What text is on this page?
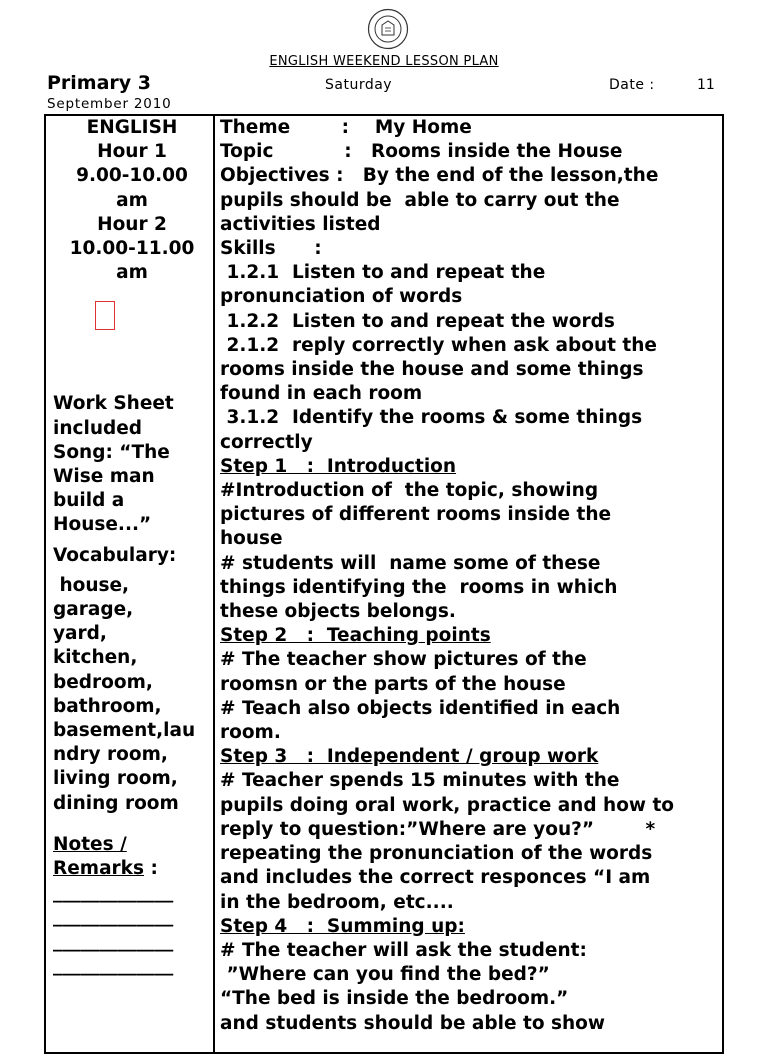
ENGLISH WEEKEND LESSON PLAN
Primary 3	Saturday	Date :	11
September 2010
ENGLISH
Hour 1
9.00-10.00
am
Hour 2
10.00-11.00
am
Work Sheet
included
Song: “The
Wise man
build a
House...”
Vocabulary:
house,
garage,
yard,
kitchen,
bedroom,
bathroom,
basement,lau
ndry room,
living room,
dining room
Notes /
Remarks :
_____________
_____________
_____________
_____________
Theme        :    My Home
Topic           :   Rooms inside the House
Objectives :   By the end of the lesson,the
pupils should be  able to carry out the
activities listed
Skills      :
1.2.1  Listen to and repeat the
pronunciation of words
1.2.2  Listen to and repeat the words
2.1.2  reply correctly when ask about the
rooms inside the house and some things
found in each room
3.1.2  Identify the rooms & some things
correctly
Step 1   :  Introduction
#Introduction of  the topic, showing
pictures of different rooms inside the
house
# students will  name some of these
things identifying the  rooms in which
these objects belongs.
Step 2   :  Teaching points
# The teacher show pictures of the
roomsn or the parts of the house
# Teach also objects identified in each
room.
Step 3   :  Independent / group work
# Teacher spends 15 minutes with the
pupils doing oral work, practice and how to
reply to question:”Where are you?”        *
repeating the pronunciation of the words
and includes the correct responces “I am
in the bedroom, etc....
Step 4   :  Summing up:
# The teacher will ask the student:
”Where can you find the bed?”
“The bed is inside the bedroom.”
and students should be able to show
